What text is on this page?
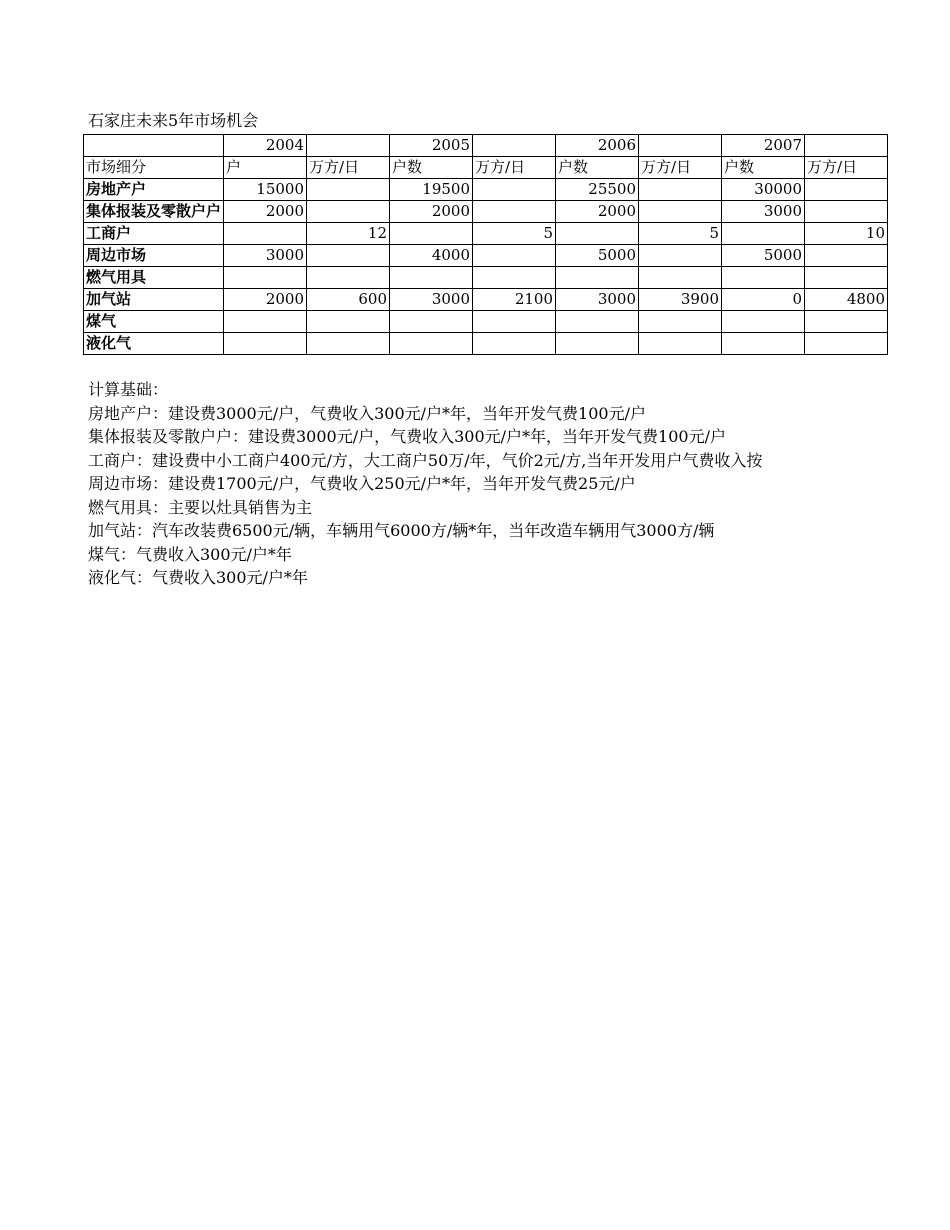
石家庄未来5年市场机会
	2004		2005		2006		2007	
市场细分	户	万方/日	户数	万方/日	户数	万方/日	户数	万方/日
房地产户	15000		19500		25500		30000	
集体报装及零散户户	2000		2000		2000		3000	
工商户		12		5		5		10
周边市场	3000		4000		5000		5000	
燃气用具								
加气站	2000	600	3000	2100	3000	3900	0	4800
煤气								
液化气								
计算基础：
房地产户：建设费3000元/户，气费收入300元/户*年，当年开发气费100元/户
集体报装及零散户户：建设费3000元/户，气费收入300元/户*年，当年开发气费100元/户
工商户：建设费中小工商户400元/方，大工商户50万/年，气价2元/方,当年开发用户气费收入按
周边市场：建设费1700元/户，气费收入250元/户*年，当年开发气费25元/户
燃气用具：主要以灶具销售为主
加气站：汽车改装费6500元/辆，车辆用气6000方/辆*年，当年改造车辆用气3000方/辆
煤气：气费收入300元/户*年
液化气：气费收入300元/户*年
